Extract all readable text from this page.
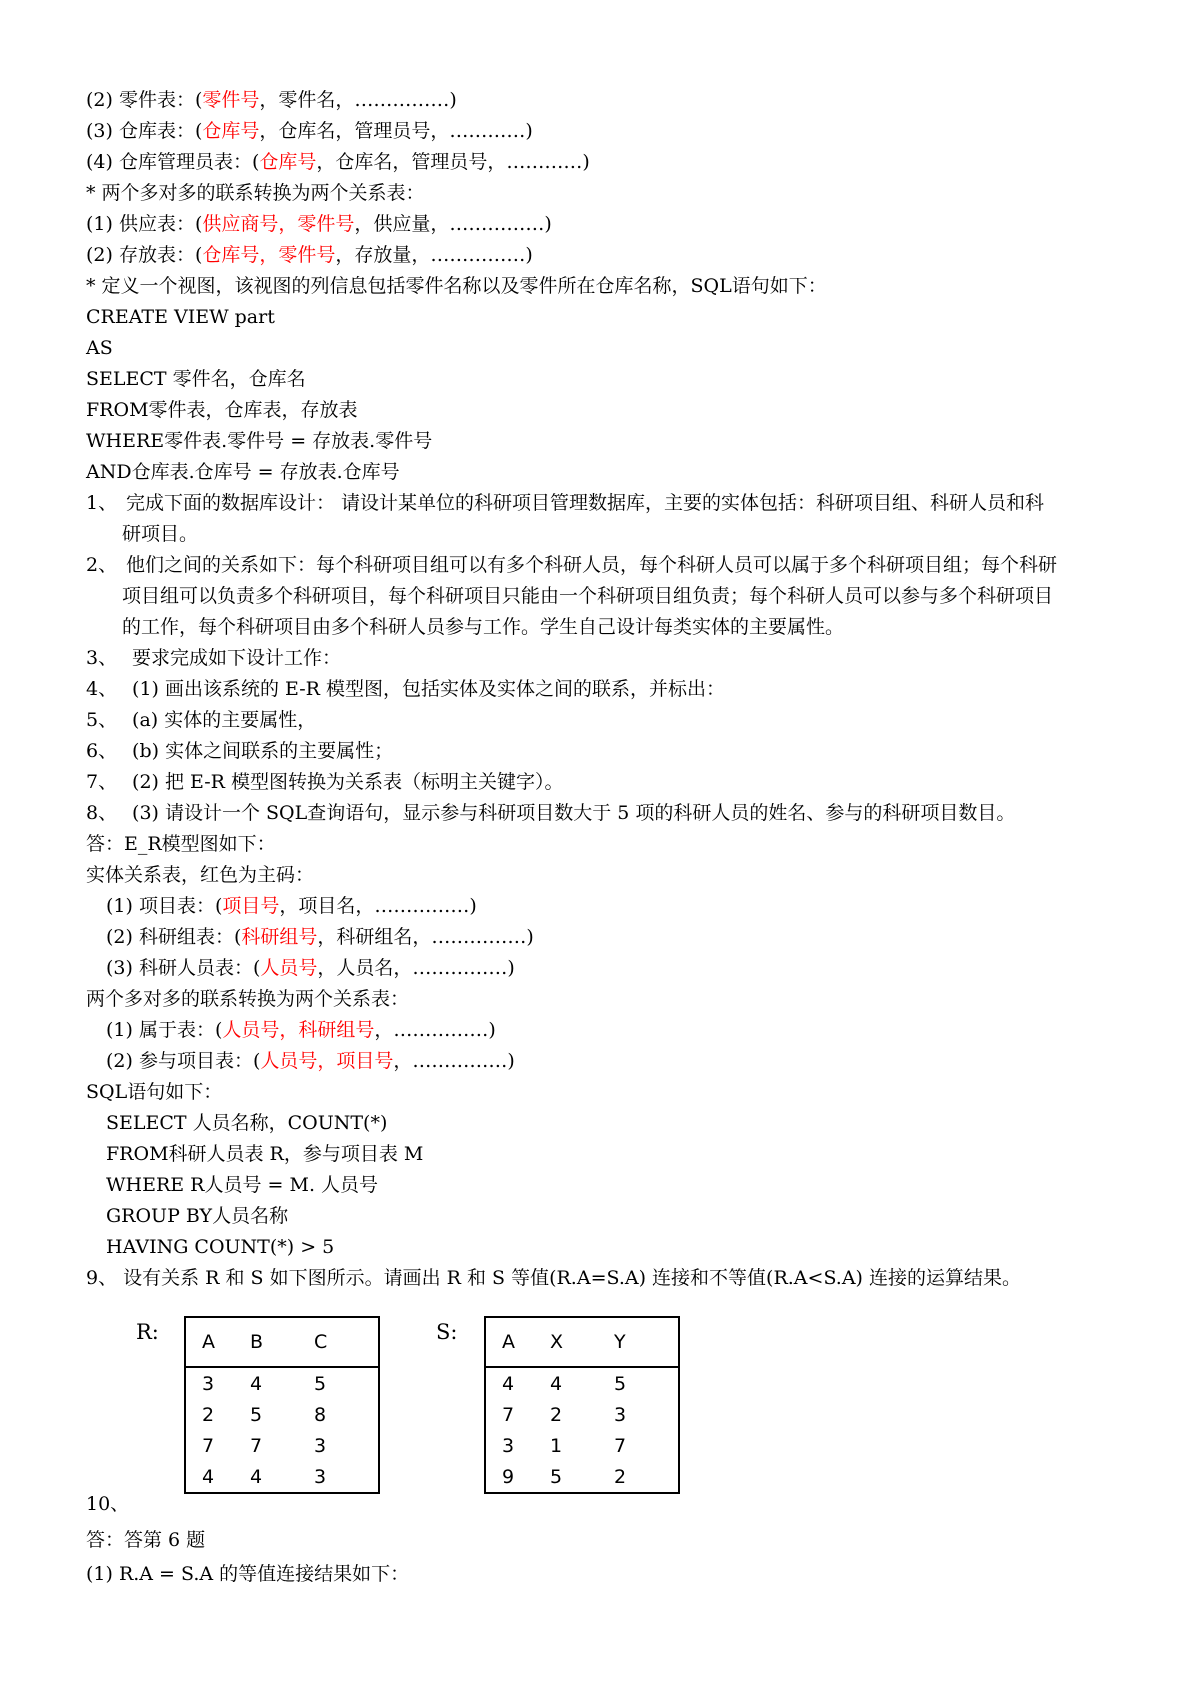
(2) 零件表：(零件号，零件名，……………)
(3) 仓库表：(仓库号，仓库名，管理员号，…………)
(4) 仓库管理员表：(仓库号，仓库名，管理员号，…………)
* 两个多对多的联系转换为两个关系表：
(1) 供应表：(供应商号，零件号，供应量，……………)
(2) 存放表：(仓库号，零件号，存放量，……………)
* 定义一个视图，该视图的列信息包括零件名称以及零件所在仓库名称，SQL语句如下：
CREATE VIEW part
AS
SELECT 零件名，仓库名
FROM零件表，仓库表，存放表
WHERE零件表.零件号 = 存放表.零件号
AND仓库表.仓库号 = 存放表.仓库号
1、 完成下面的数据库设计： 请设计某单位的科研项目管理数据库，主要的实体包括：科研项目组、科研人员和科
研项目。
2、 他们之间的关系如下：每个科研项目组可以有多个科研人员，每个科研人员可以属于多个科研项目组；每个科研
项目组可以负责多个科研项目，每个科研项目只能由一个科研项目组负责；每个科研人员可以参与多个科研项目
的工作，每个科研项目由多个科研人员参与工作。学生自己设计每类实体的主要属性。
3、 要求完成如下设计工作：
4、 (1) 画出该系统的 E-R 模型图，包括实体及实体之间的联系，并标出：
5、 (a) 实体的主要属性，
6、 (b) 实体之间联系的主要属性；
7、 (2) 把 E-R 模型图转换为关系表（标明主关键字）。
8、 (3) 请设计一个 SQL查询语句，显示参与科研项目数大于 5 项的科研人员的姓名、参与的科研项目数目。
答：E_R模型图如下：
实体关系表，红色为主码：
(1) 项目表：(项目号，项目名，……………)
(2) 科研组表：(科研组号，科研组名，……………)
(3) 科研人员表：(人员号，人员名，……………)
两个多对多的联系转换为两个关系表：
(1) 属于表：(人员号，科研组号，……………)
(2) 参与项目表：(人员号，项目号，……………)
SQL语句如下：
SELECT 人员名称，COUNT(*)
FROM科研人员表 R，参与项目表 M
WHERE R人员号 = M. 人员号
GROUP BY人员名称
HAVING COUNT(*) > 5
9、 设有关系 R 和 S 如下图所示。请画出 R 和 S 等值(R.A=S.A) 连接和不等值(R.A<S.A) 连接的运算结果。
R: A	B	C
3	4	5
2	5	8
7	7	3
4	4	3
S: A	X	Y
4	4	5
7	2	3
3	1	7
9	5	2
10、
答：答第 6 题
(1) R.A = S.A 的等值连接结果如下：
